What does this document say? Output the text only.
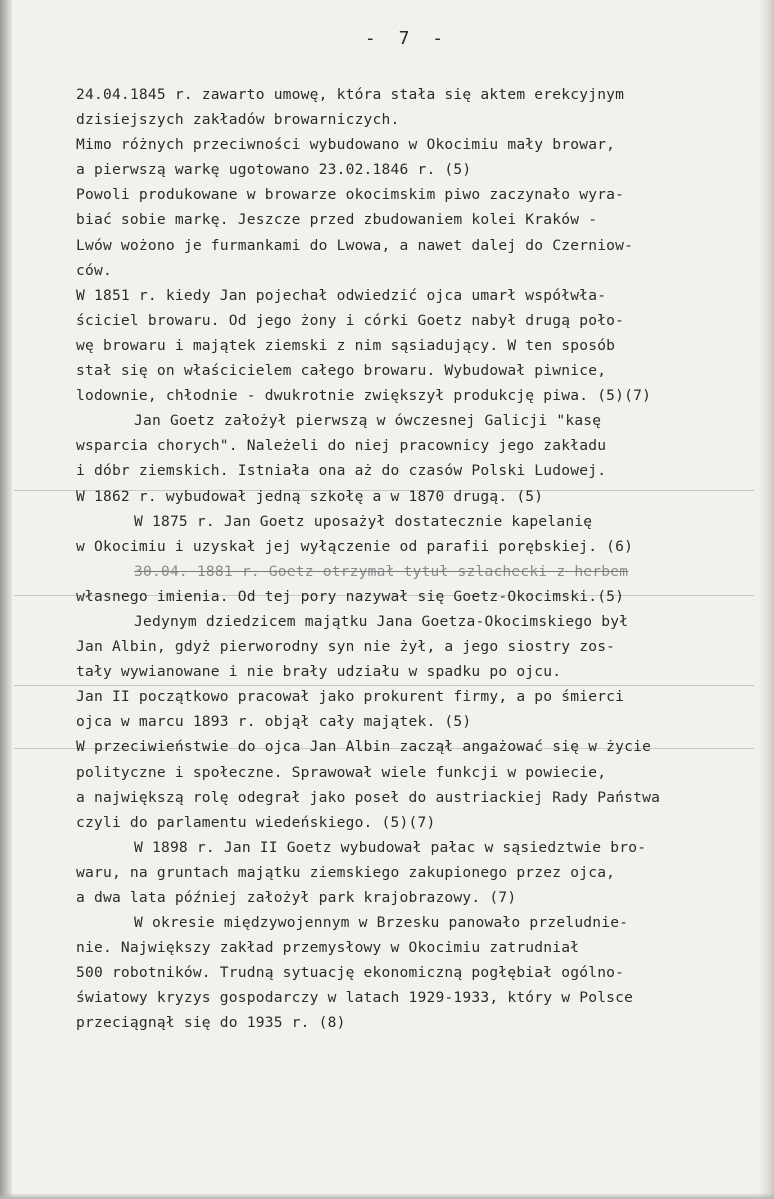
- 7 -
24.04.1845 r. zawarto umowę, która stała się aktem erekcyjnym
dzisiejszych zakładów browarniczych.
Mimo różnych przeciwności wybudowano w Okocimiu mały browar,
a pierwszą warkę ugotowano 23.02.1846 r. (5)
Powoli produkowane w browarze okocimskim piwo zaczynało wyra-
biać sobie markę. Jeszcze przed zbudowaniem kolei Kraków -
Lwów wożono je furmankami do Lwowa, a nawet dalej do Czerniow-
ców.
W 1851 r. kiedy Jan pojechał odwiedzić ojca umarł współwła-
ściciel browaru. Od jego żony i córki Goetz nabył drugą poło-
wę browaru i majątek ziemski z nim sąsiadujący. W ten sposób
stał się on właścicielem całego browaru. Wybudował piwnice,
lodownie, chłodnie - dwukrotnie zwiększył produkcję piwa. (5)(7)
Jan Goetz założył pierwszą w ówczesnej Galicji "kasę
wsparcia chorych". Należeli do niej pracownicy jego zakładu
i dóbr ziemskich. Istniała ona aż do czasów Polski Ludowej.
W 1862 r. wybudował jedną szkołę a w 1870 drugą. (5)
W 1875 r. Jan Goetz uposażył dostatecznie kapelanię
w Okocimiu i uzyskał jej wyłączenie od parafii porębskiej. (6)
30.04. 1881 r. Goetz otrzymał tytuł szlachecki z herbem
własnego imienia. Od tej pory nazywał się Goetz-Okocimski.(5)
Jedynym dziedzicem majątku Jana Goetza-Okocimskiego był
Jan Albin, gdyż pierworodny syn nie żył, a jego siostry zos-
tały wywianowane i nie brały udziału w spadku po ojcu.
Jan II początkowo pracował jako prokurent firmy, a po śmierci
ojca w marcu 1893 r. objął cały majątek. (5)
W przeciwieństwie do ojca Jan Albin zaczął angażować się w życie
polityczne i społeczne. Sprawował wiele funkcji w powiecie,
a największą rolę odegrał jako poseł do austriackiej Rady Państwa
czyli do parlamentu wiedeńskiego. (5)(7)
W 1898 r. Jan II Goetz wybudował pałac w sąsiedztwie bro-
waru, na gruntach majątku ziemskiego zakupionego przez ojca,
a dwa lata później założył park krajobrazowy. (7)
W okresie międzywojennym w Brzesku panowało przeludnie-
nie. Największy zakład przemysłowy w Okocimiu zatrudniał
500 robotników. Trudną sytuację ekonomiczną pogłębiał ogólno-
światowy kryzys gospodarczy w latach 1929-1933, który w Polsce
przeciągnął się do 1935 r. (8)
